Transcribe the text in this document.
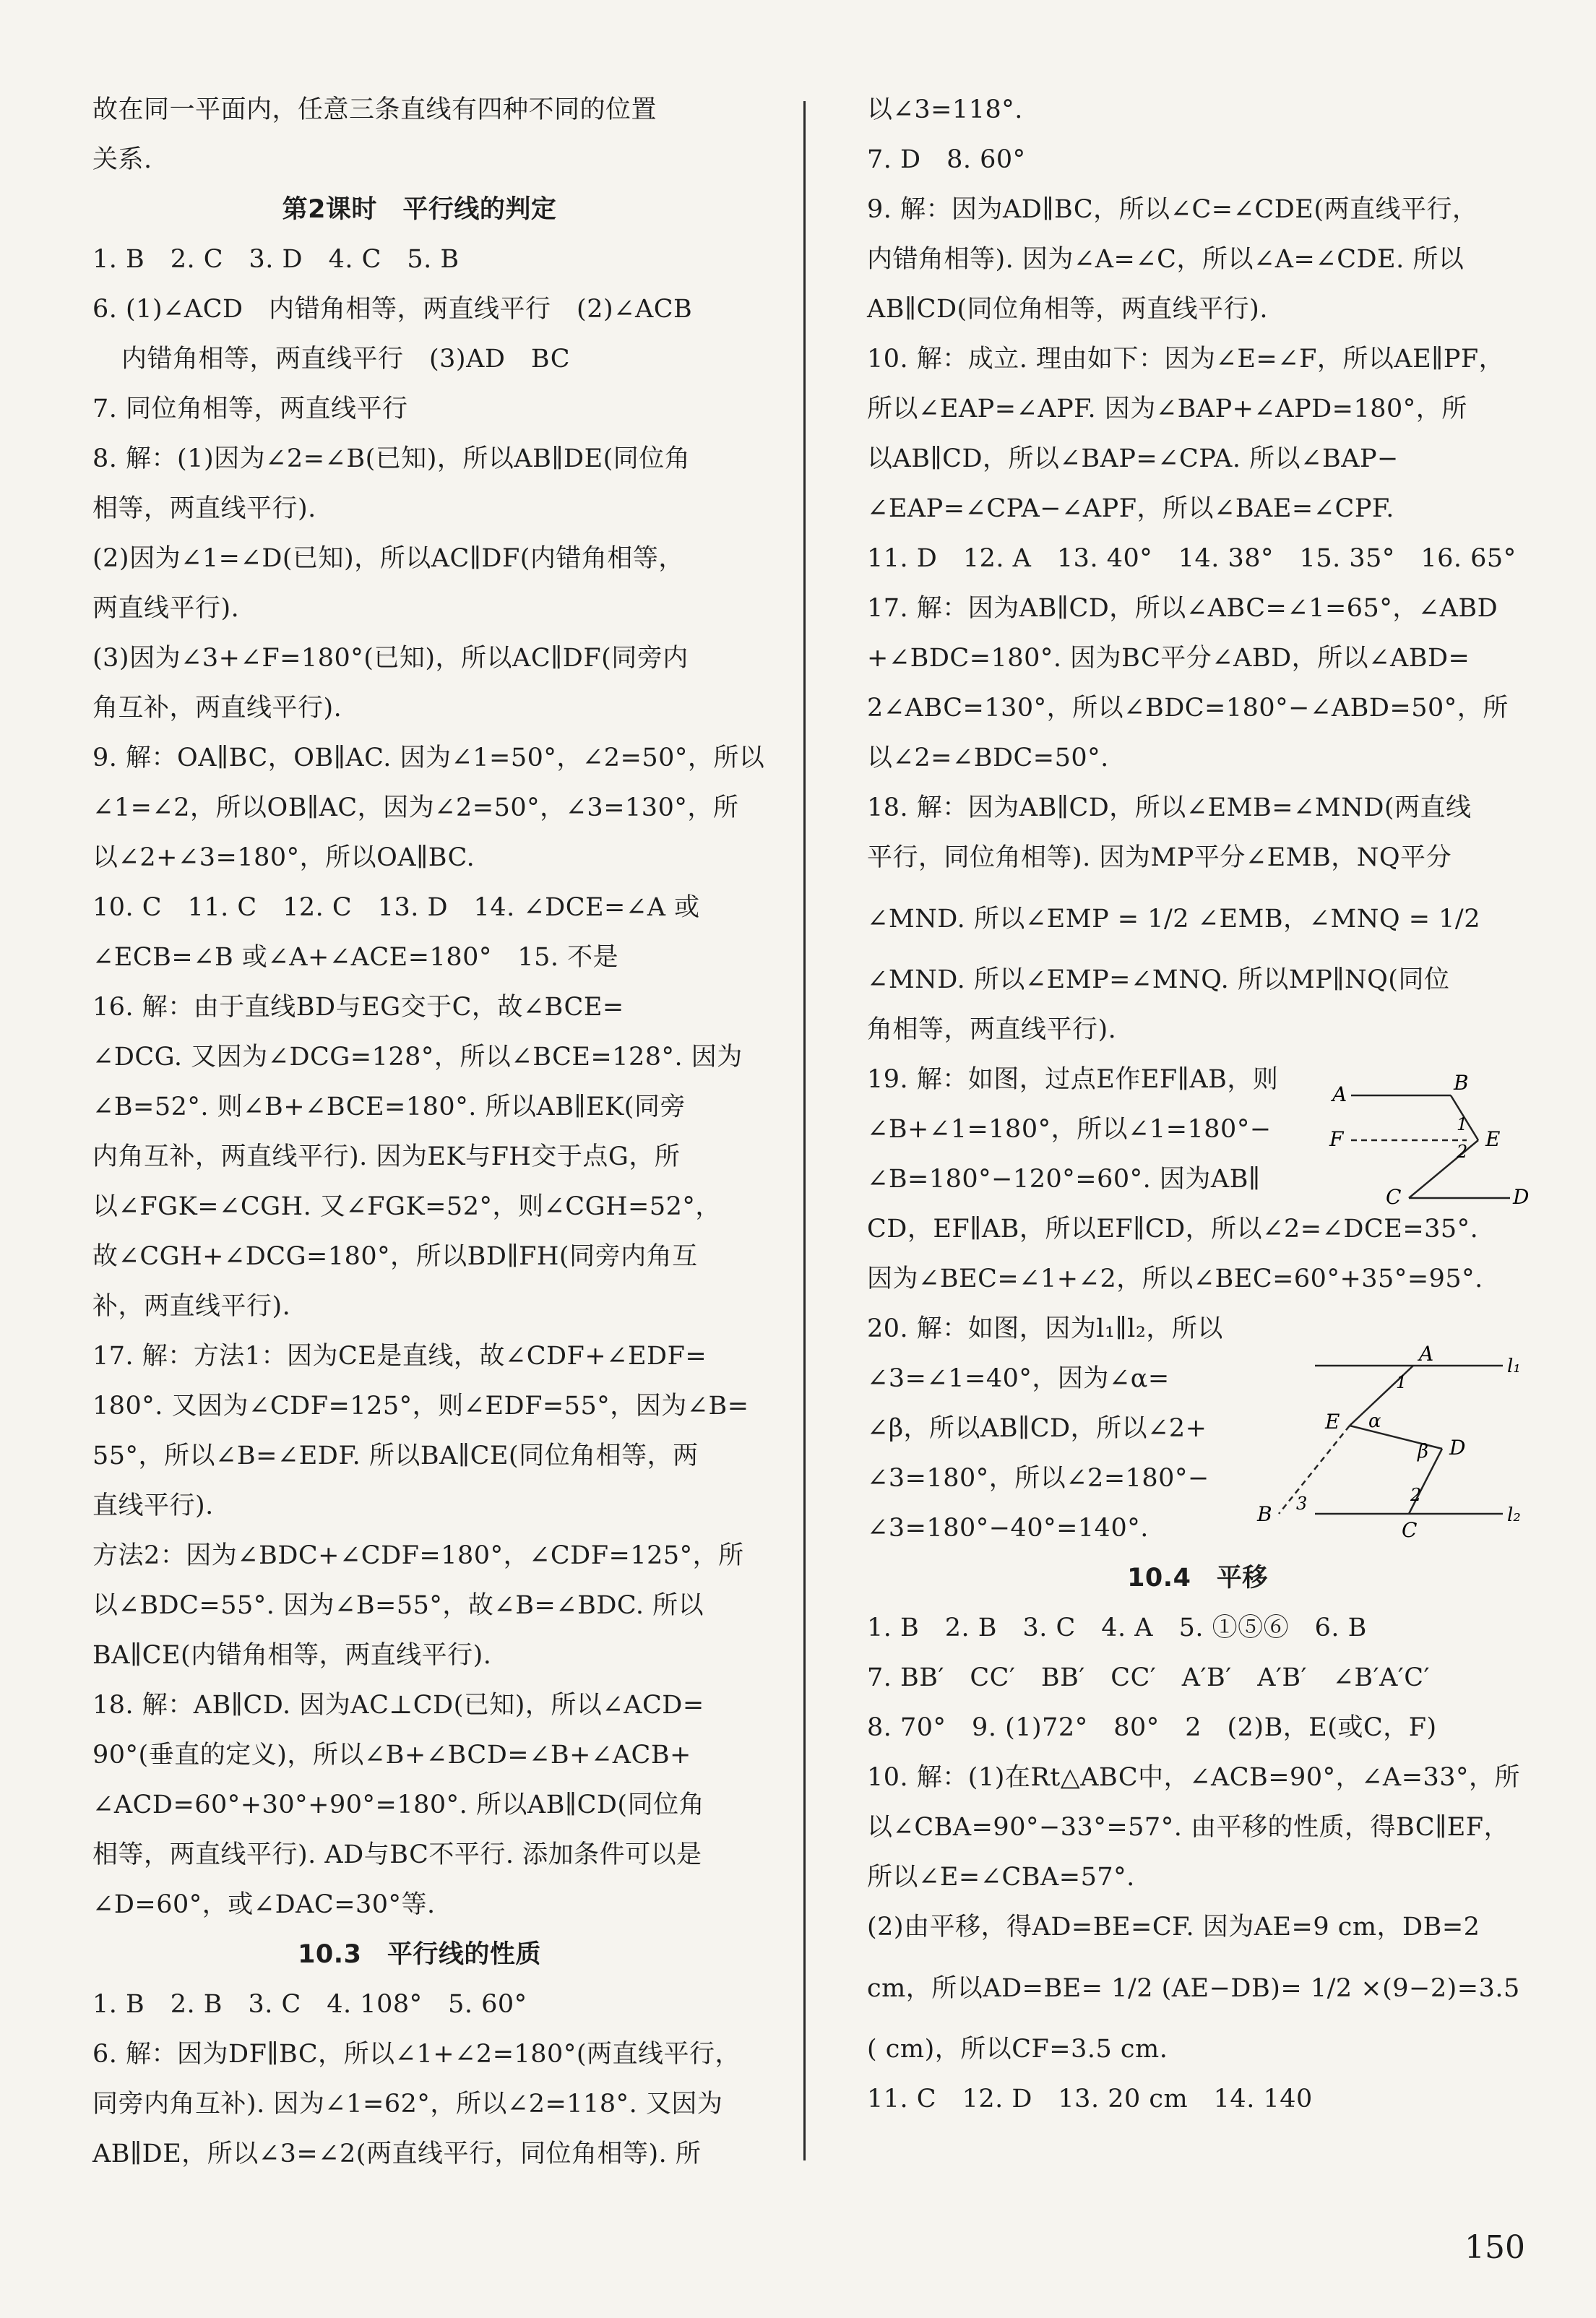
故在同一平面内，任意三条直线有四种不同的位置
关系.
第2课时　平行线的判定
1. B　2. C　3. D　4. C　5. B
6. (1)∠ACD　内错角相等，两直线平行　(2)∠ACB
内错角相等，两直线平行　(3)AD　BC
7. 同位角相等，两直线平行
8. 解：(1)因为∠2=∠B(已知)，所以AB∥DE(同位角
相等，两直线平行).
(2)因为∠1=∠D(已知)，所以AC∥DF(内错角相等，
两直线平行).
(3)因为∠3+∠F=180°(已知)，所以AC∥DF(同旁内
角互补，两直线平行).
9. 解：OA∥BC，OB∥AC. 因为∠1=50°，∠2=50°，所以
∠1=∠2，所以OB∥AC，因为∠2=50°，∠3=130°，所
以∠2+∠3=180°，所以OA∥BC.
10. C　11. C　12. C　13. D　14. ∠DCE=∠A 或
∠ECB=∠B 或∠A+∠ACE=180°　15. 不是
16. 解：由于直线BD与EG交于C，故∠BCE=
∠DCG. 又因为∠DCG=128°，所以∠BCE=128°. 因为
∠B=52°. 则∠B+∠BCE=180°. 所以AB∥EK(同旁
内角互补，两直线平行). 因为EK与FH交于点G，所
以∠FGK=∠CGH. 又∠FGK=52°，则∠CGH=52°，
故∠CGH+∠DCG=180°，所以BD∥FH(同旁内角互
补，两直线平行).
17. 解：方法1：因为CE是直线，故∠CDF+∠EDF=
180°. 又因为∠CDF=125°，则∠EDF=55°，因为∠B=
55°，所以∠B=∠EDF. 所以BA∥CE(同位角相等，两
直线平行).
方法2：因为∠BDC+∠CDF=180°，∠CDF=125°，所
以∠BDC=55°. 因为∠B=55°，故∠B=∠BDC. 所以
BA∥CE(内错角相等，两直线平行).
18. 解：AB∥CD. 因为AC⊥CD(已知)，所以∠ACD=
90°(垂直的定义)，所以∠B+∠BCD=∠B+∠ACB+
∠ACD=60°+30°+90°=180°. 所以AB∥CD(同位角
相等，两直线平行). AD与BC不平行. 添加条件可以是
∠D=60°，或∠DAC=30°等.
10.3　平行线的性质
1. B　2. B　3. C　4. 108°　5. 60°
6. 解：因为DF∥BC，所以∠1+∠2=180°(两直线平行，
同旁内角互补). 因为∠1=62°，所以∠2=118°. 又因为
AB∥DE，所以∠3=∠2(两直线平行，同位角相等). 所
以∠3=118°.
7. D　8. 60°
9. 解：因为AD∥BC，所以∠C=∠CDE(两直线平行，
内错角相等). 因为∠A=∠C，所以∠A=∠CDE. 所以
AB∥CD(同位角相等，两直线平行).
10. 解：成立. 理由如下：因为∠E=∠F，所以AE∥PF，
所以∠EAP=∠APF. 因为∠BAP+∠APD=180°，所
以AB∥CD，所以∠BAP=∠CPA. 所以∠BAP−
∠EAP=∠CPA−∠APF，所以∠BAE=∠CPF.
11. D　12. A　13. 40°　14. 38°　15. 35°　16. 65°
17. 解：因为AB∥CD，所以∠ABC=∠1=65°，∠ABD
+∠BDC=180°. 因为BC平分∠ABD，所以∠ABD=
2∠ABC=130°，所以∠BDC=180°−∠ABD=50°，所
以∠2=∠BDC=50°.
18. 解：因为AB∥CD，所以∠EMB=∠MND(两直线
平行，同位角相等). 因为MP平分∠EMB，NQ平分
∠MND. 所以∠EMP = 1/2 ∠EMB，∠MNQ = 1/2
∠MND. 所以∠EMP=∠MNQ. 所以MP∥NQ(同位
角相等，两直线平行).
19. 解：如图，过点E作EF∥AB，则
∠B+∠1=180°，所以∠1=180°−
∠B=180°−120°=60°. 因为AB∥
CD，EF∥AB，所以EF∥CD，所以∠2=∠DCE=35°.
因为∠BEC=∠1+∠2，所以∠BEC=60°+35°=95°.
20. 解：如图，因为l₁∥l₂，所以
∠3=∠1=40°，因为∠α=
∠β，所以AB∥CD，所以∠2+
∠3=180°，所以∠2=180°−
∠3=180°−40°=140°.
10.4　平移
1. B　2. B　3. C　4. A　5. ①⑤⑥　6. B
7. BB′　CC′　BB′　CC′　A′B′　A′B′　∠B′A′C′
8. 70°　9. (1)72°　80°　2　(2)B，E(或C，F)
10. 解：(1)在Rt△ABC中，∠ACB=90°，∠A=33°，所
以∠CBA=90°−33°=57°. 由平移的性质，得BC∥EF，
所以∠E=∠CBA=57°.
(2)由平移，得AD=BE=CF. 因为AE=9 cm，DB=2
cm，所以AD=BE= 1/2 (AE−DB)= 1/2 ×(9−2)=3.5
( cm)，所以CF=3.5 cm.
11. C　12. D　13. 20 cm　14. 140
A	B
F	E
C	D
1
2
A
l₁
E
D
B
C
l₂
1
α
β
2
3
150
